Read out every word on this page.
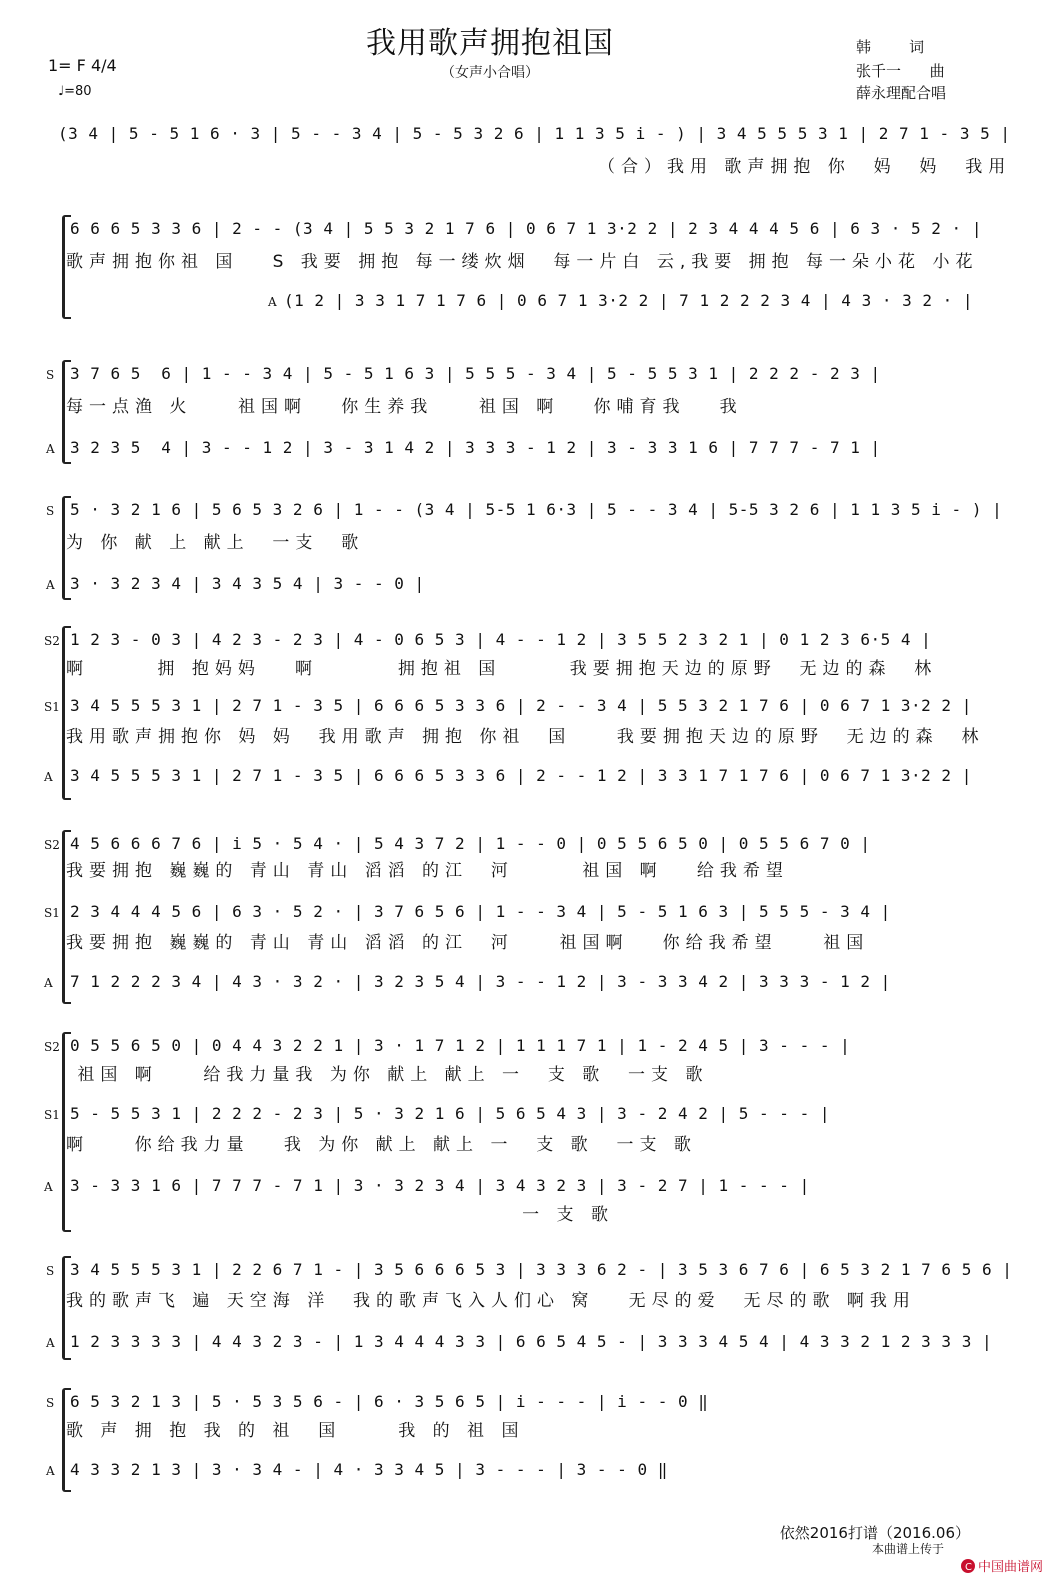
我用歌声拥抱祖国
（女声小合唱）
1= F 4/4
♩=80
韩        词
张千一      曲
薛永理配合唱
(3 4 | 5 - 5 1 6 · 3 | 5 - - 3 4 | 5 - 5 3 2 6 | 1 1 3 5 i - ) | 3 4 5 5 5 3 1 | 2 7 1 - 3 5 |
（合）我用 歌声拥抱 你  妈  妈  我用
6 6 6 5 3 3 6 | 2 - - (3 4 | 5 5 3 2 1 7 6 | 0 6 7 1 3·2 2 | 2 3 4 4 4 5 6 | 6 3 · 5 2 · |
歌声拥抱你祖 国   S 我要 拥抱 每一缕炊烟  每一片白 云,我要 拥抱 每一朵小花 小花
A (1 2 | 3 3 1 7 1 7 6 | 0 6 7 1 3·2 2 | 7 1 2 2 2 3 4 | 4 3 · 3 2 · |
S 3 7 6 5  6 | 1 - - 3 4 | 5 - 5 1 6 3 | 5 5 5 - 3 4 | 5 - 5 5 3 1 | 2 2 2 - 2 3 |
每一点渔 火    祖国啊   你生养我    祖国 啊   你哺育我   我
A 3 2 3 5  4 | 3 - - 1 2 | 3 - 3 1 4 2 | 3 3 3 - 1 2 | 3 - 3 3 1 6 | 7 7 7 - 7 1 |
S 5 · 3 2 1 6 | 5 6 5 3 2 6 | 1 - - (3 4 | 5-5 1 6·3 | 5 - - 3 4 | 5-5 3 2 6 | 1 1 3 5 i - ) |
为 你 献 上 献上  一支  歌
A 3 · 3 2 3 4 | 3 4 3 5 4 | 3 - - 0 |
S2 1 2 3 - 0 3 | 4 2 3 - 2 3 | 4 - 0 6 5 3 | 4 - - 1 2 | 3 5 5 2 3 2 1 | 0 1 2 3 6·5 4 |
啊      拥 抱妈妈   啊       拥抱祖 国      我要拥抱天边的原野  无边的森  林
S1 3 4 5 5 5 3 1 | 2 7 1 - 3 5 | 6 6 6 5 3 3 6 | 2 - - 3 4 | 5 5 3 2 1 7 6 | 0 6 7 1 3·2 2 |
我用歌声拥抱你 妈 妈  我用歌声 拥抱 你祖  国    我要拥抱天边的原野  无边的森  林
A 3 4 5 5 5 3 1 | 2 7 1 - 3 5 | 6 6 6 5 3 3 6 | 2 - - 1 2 | 3 3 1 7 1 7 6 | 0 6 7 1 3·2 2 |
S2 4 5 6 6 6 7 6 | i 5 · 5 4 · | 5 4 3 7 2 | 1 - - 0 | 0 5 5 6 5 0 | 0 5 5 6 7 0 |
我要拥抱 巍巍的 青山 青山 滔滔 的江  河      祖国 啊   给我希望
S1 2 3 4 4 4 5 6 | 6 3 · 5 2 · | 3 7 6 5 6 | 1 - - 3 4 | 5 - 5 1 6 3 | 5 5 5 - 3 4 |
我要拥抱 巍巍的 青山 青山 滔滔 的江  河    祖国啊   你给我希望    祖国
A 7 1 2 2 2 3 4 | 4 3 · 3 2 · | 3 2 3 5 4 | 3 - - 1 2 | 3 - 3 3 4 2 | 3 3 3 - 1 2 |
S2 0 5 5 6 5 0 | 0 4 4 3 2 2 1 | 3 · 1 7 1 2 | 1 1 1 7 1 | 1 - 2 4 5 | 3 - - - |
祖国 啊    给我力量我 为你 献上 献上 一  支 歌  一支 歌
S1 5 - 5 5 3 1 | 2 2 2 - 2 3 | 5 · 3 2 1 6 | 5 6 5 4 3 | 3 - 2 4 2 | 5 - - - |
啊    你给我力量   我 为你 献上 献上 一  支 歌  一支 歌
A 3 - 3 3 1 6 | 7 7 7 - 7 1 | 3 · 3 2 3 4 | 3 4 3 2 3 | 3 - 2 7 | 1 - - - |
一 支 歌
S 3 4 5 5 5 3 1 | 2 2 6 7 1 - | 3 5 6 6 6 5 3 | 3 3 3 6 2 - | 3 5 3 6 7 6 | 6 5 3 2 1 7 6 5 6 |
我的歌声飞 遍 天空海 洋  我的歌声飞入人们心 窝   无尽的爱  无尽的歌 啊我用
A 1 2 3 3 3 3 | 4 4 3 2 3 - | 1 3 4 4 4 3 3 | 6 6 5 4 5 - | 3 3 3 4 5 4 | 4 3 3 2 1 2 3 3 3 |
S 6 5 3 2 1 3 | 5 · 5 3 5 6 - | 6 · 3 5 6 5 | i - - - | i - - 0 ‖
歌 声 拥 抱 我 的 祖  国     我 的 祖 国
A 4 3 3 2 1 3 | 3 · 3 4 - | 4 · 3 3 4 5 | 3 - - - | 3 - - 0 ‖
依然2016打谱（2016.06）
本曲谱上传于

C 中国曲谱网
